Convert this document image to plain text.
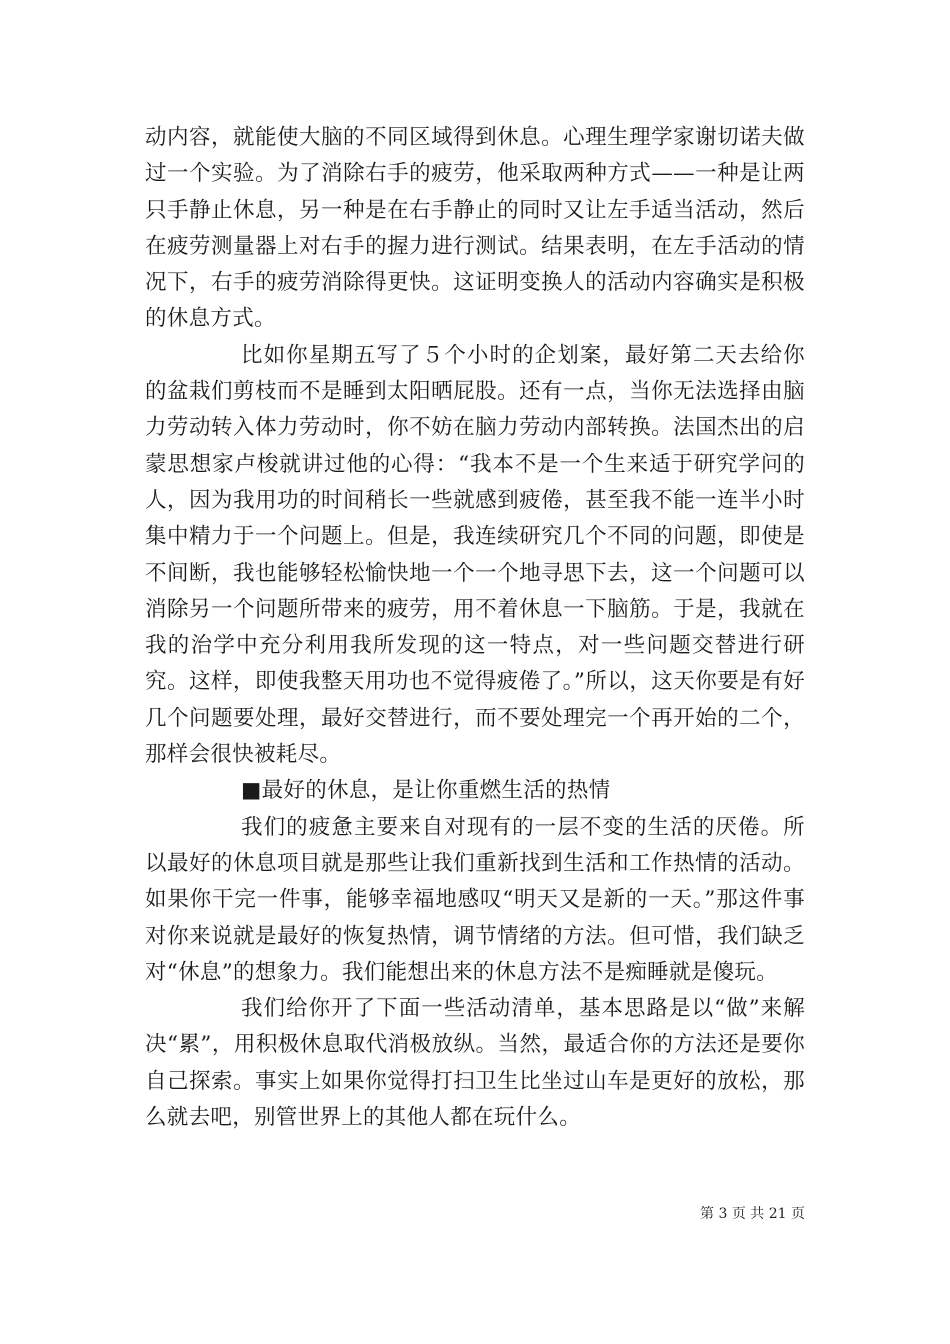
动内容，就能使大脑的不同区域得到休息。心理生理学家谢切诺夫做过一个实验。为了消除右手的疲劳，他采取两种方式——一种是让两只手静止休息，另一种是在右手静止的同时又让左手适当活动，然后在疲劳测量器上对右手的握力进行测试。结果表明，在左手活动的情况下，右手的疲劳消除得更快。这证明变换人的活动内容确实是积极的休息方式。

比如你星期五写了５个小时的企划案，最好第二天去给你的盆栽们剪枝而不是睡到太阳晒屁股。还有一点，当你无法选择由脑力劳动转入体力劳动时，你不妨在脑力劳动内部转换。法国杰出的启蒙思想家卢梭就讲过他的心得：“我本不是一个生来适于研究学问的人，因为我用功的时间稍长一些就感到疲倦，甚至我不能一连半小时集中精力于一个问题上。但是，我连续研究几个不同的问题，即使是不间断，我也能够轻松愉快地一个一个地寻思下去，这一个问题可以消除另一个问题所带来的疲劳，用不着休息一下脑筋。于是，我就在我的治学中充分利用我所发现的这一特点，对一些问题交替进行研究。这样，即使我整天用功也不觉得疲倦了。”所以，这天你要是有好几个问题要处理，最好交替进行，而不要处理完一个再开始的二个，那样会很快被耗尽。

■最好的休息，是让你重燃生活的热情

我们的疲惫主要来自对现有的一层不变的生活的厌倦。所以最好的休息项目就是那些让我们重新找到生活和工作热情的活动。如果你干完一件事，能够幸福地感叹“明天又是新的一天。”那这件事对你来说就是最好的恢复热情，调节情绪的方法。但可惜，我们缺乏对“休息”的想象力。我们能想出来的休息方法不是痴睡就是傻玩。

我们给你开了下面一些活动清单，基本思路是以“做”来解决“累”，用积极休息取代消极放纵。当然，最适合你的方法还是要你自己探索。事实上如果你觉得打扫卫生比坐过山车是更好的放松，那么就去吧，别管世界上的其他人都在玩什么。

第 3 页 共 21 页
